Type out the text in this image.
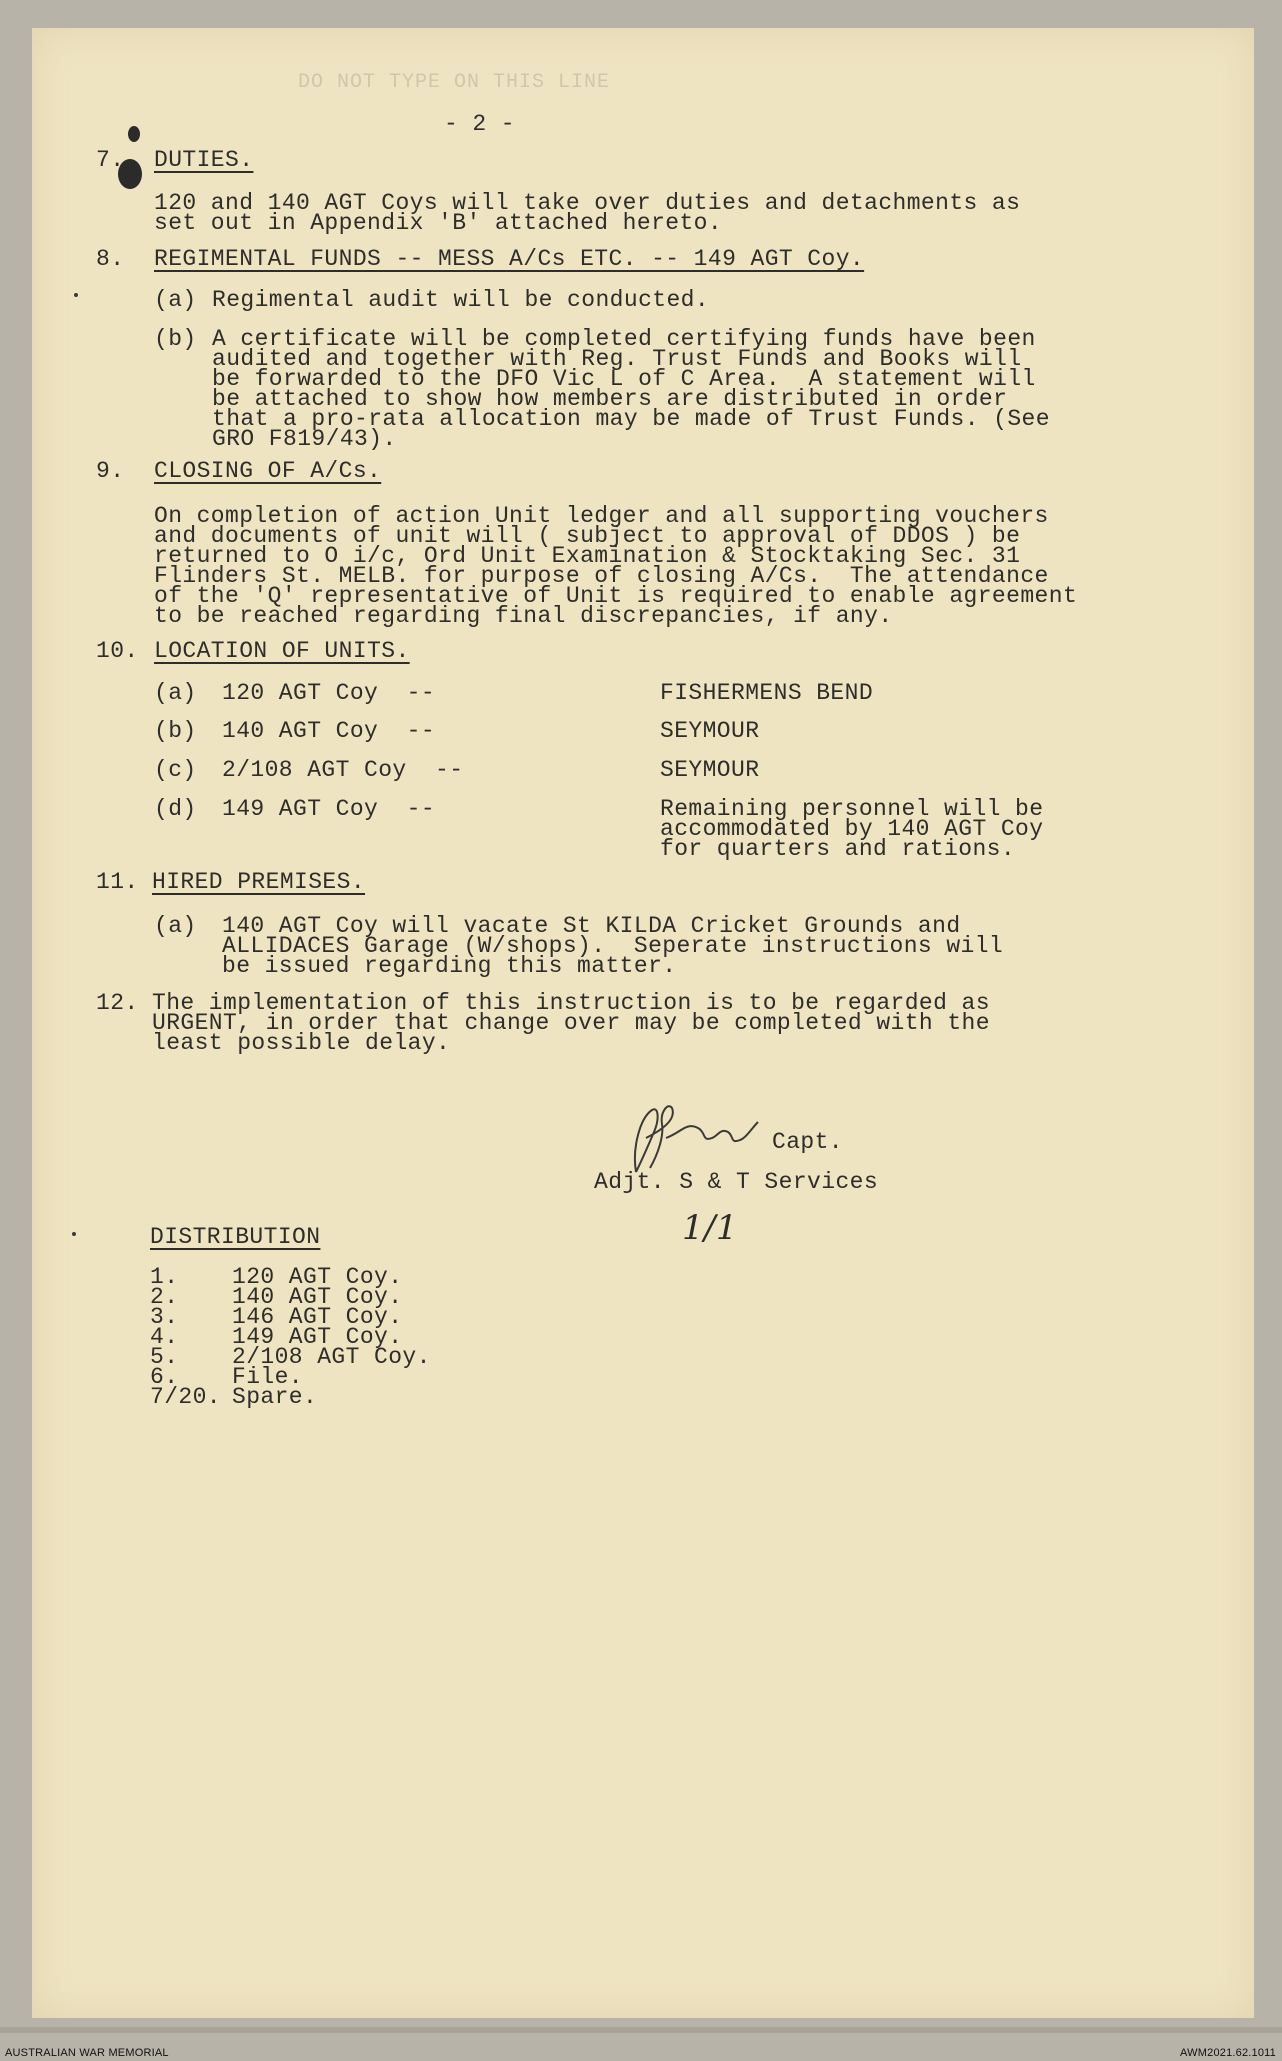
DO NOT TYPE ON THIS LINE
- 2 -
7. DUTIES.
120 and 140 AGT Coys will take over duties and detachments as
set out in Appendix 'B' attached hereto.
8. REGIMENTAL FUNDS -- MESS A/Cs ETC. -- 149 AGT Coy.
(a) Regimental audit will be conducted.
(b) A certificate will be completed certifying funds have been
audited and together with Reg. Trust Funds and Books will
be forwarded to the DFO Vic L of C Area.  A statement will
be attached to show how members are distributed in order
that a pro-rata allocation may be made of Trust Funds. (See
GRO F819/43).
9. CLOSING OF A/Cs.
On completion of action Unit ledger and all supporting vouchers
and documents of unit will ( subject to approval of DDOS ) be
returned to O i/c, Ord Unit Examination & Stocktaking Sec. 31
Flinders St. MELB. for purpose of closing A/Cs.  The attendance
of the 'Q' representative of Unit is required to enable agreement
to be reached regarding final discrepancies, if any.
10. LOCATION OF UNITS.
(a) 120 AGT Coy  --	FISHERMENS BEND
(b) 140 AGT Coy  --	SEYMOUR
(c) 2/108 AGT Coy  --	SEYMOUR
(d) 149 AGT Coy  --	Remaining personnel will be
accommodated by 140 AGT Coy
for quarters and rations.
11. HIRED PREMISES.
(a) 140 AGT Coy will vacate St KILDA Cricket Grounds and
ALLIDACES Garage (W/shops).  Seperate instructions will
be issued regarding this matter.
12. The implementation of this instruction is to be regarded as
URGENT, in order that change over may be completed with the
least possible delay.
Capt.
Adjt. S & T Services
1/1
DISTRIBUTION
1. 120 AGT Coy.
2. 140 AGT Coy.
3. 146 AGT Coy.
4. 149 AGT Coy.
5. 2/108 AGT Coy.
6. File.
7/20. Spare.
AUSTRALIAN WAR MEMORIAL	AWM2021.62.1011
